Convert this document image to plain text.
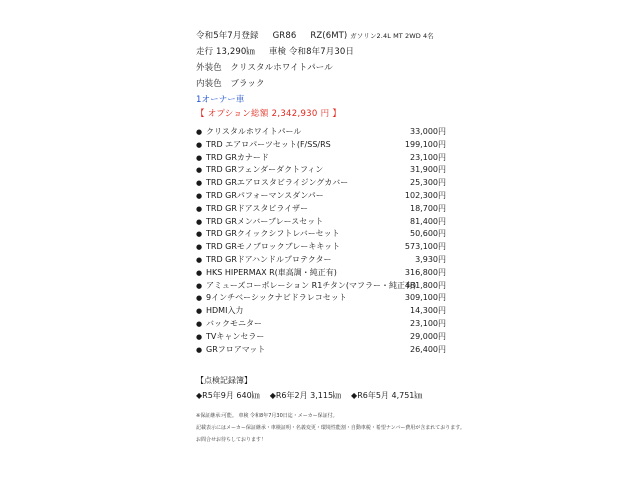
令和5年7月登録 GR86 RZ(6MT) ガソリン2.4L MT 2WD 4名
走行 13,290㎞ 車検 令和8年7月30日
外装色　クリスタルホワイトパール
内装色　ブラック
1オーナー車
【 オプション総額 2,342,930 円 】
● クリスタルホワイトパール	33,000円
● TRD エアロパーツセット(F/SS/RS	199,100円
● TRD GRカナード	23,100円
● TRD GRフェンダーダクトフィン	31,900円
● TRD GRエアロスタビライジングカバー	25,300円
● TRD GRパフォーマンスダンパー	102,300円
● TRD GRドアスタビライザー	18,700円
● TRD GRメンバーブレースセット	81,400円
● TRD GRクイックシフトレバーセット	50,600円
● TRD GRモノブロックブレーキキット	573,100円
● TRD GRドアハンドルプロテクター	3,930円
● HKS HIPERMAX R(車高調・純正有)	316,800円
● アミューズコーポレーション R1チタン(マフラー・純正有)
481,800円
● 9インチベーシックナビドラレコセット	309,100円
● HDMI入力	14,300円
● バックモニター	23,100円
● TVキャンセラー	29,000円
● GRフロアマット	26,400円
【点検記録簿】
◆R5年9月 640㎞ ◆R6年2月 3,115㎞ ◆R6年5月 4,751㎞
※保証継承:可能。 車検 令和8年7月30日迄・メーカー保証付。
記載表示にはメーカー保証継承・車検証明・名義変更・環境性能割・自動車税・希望ナンバー費用が含まれております。
お問合せお待ちしております！
